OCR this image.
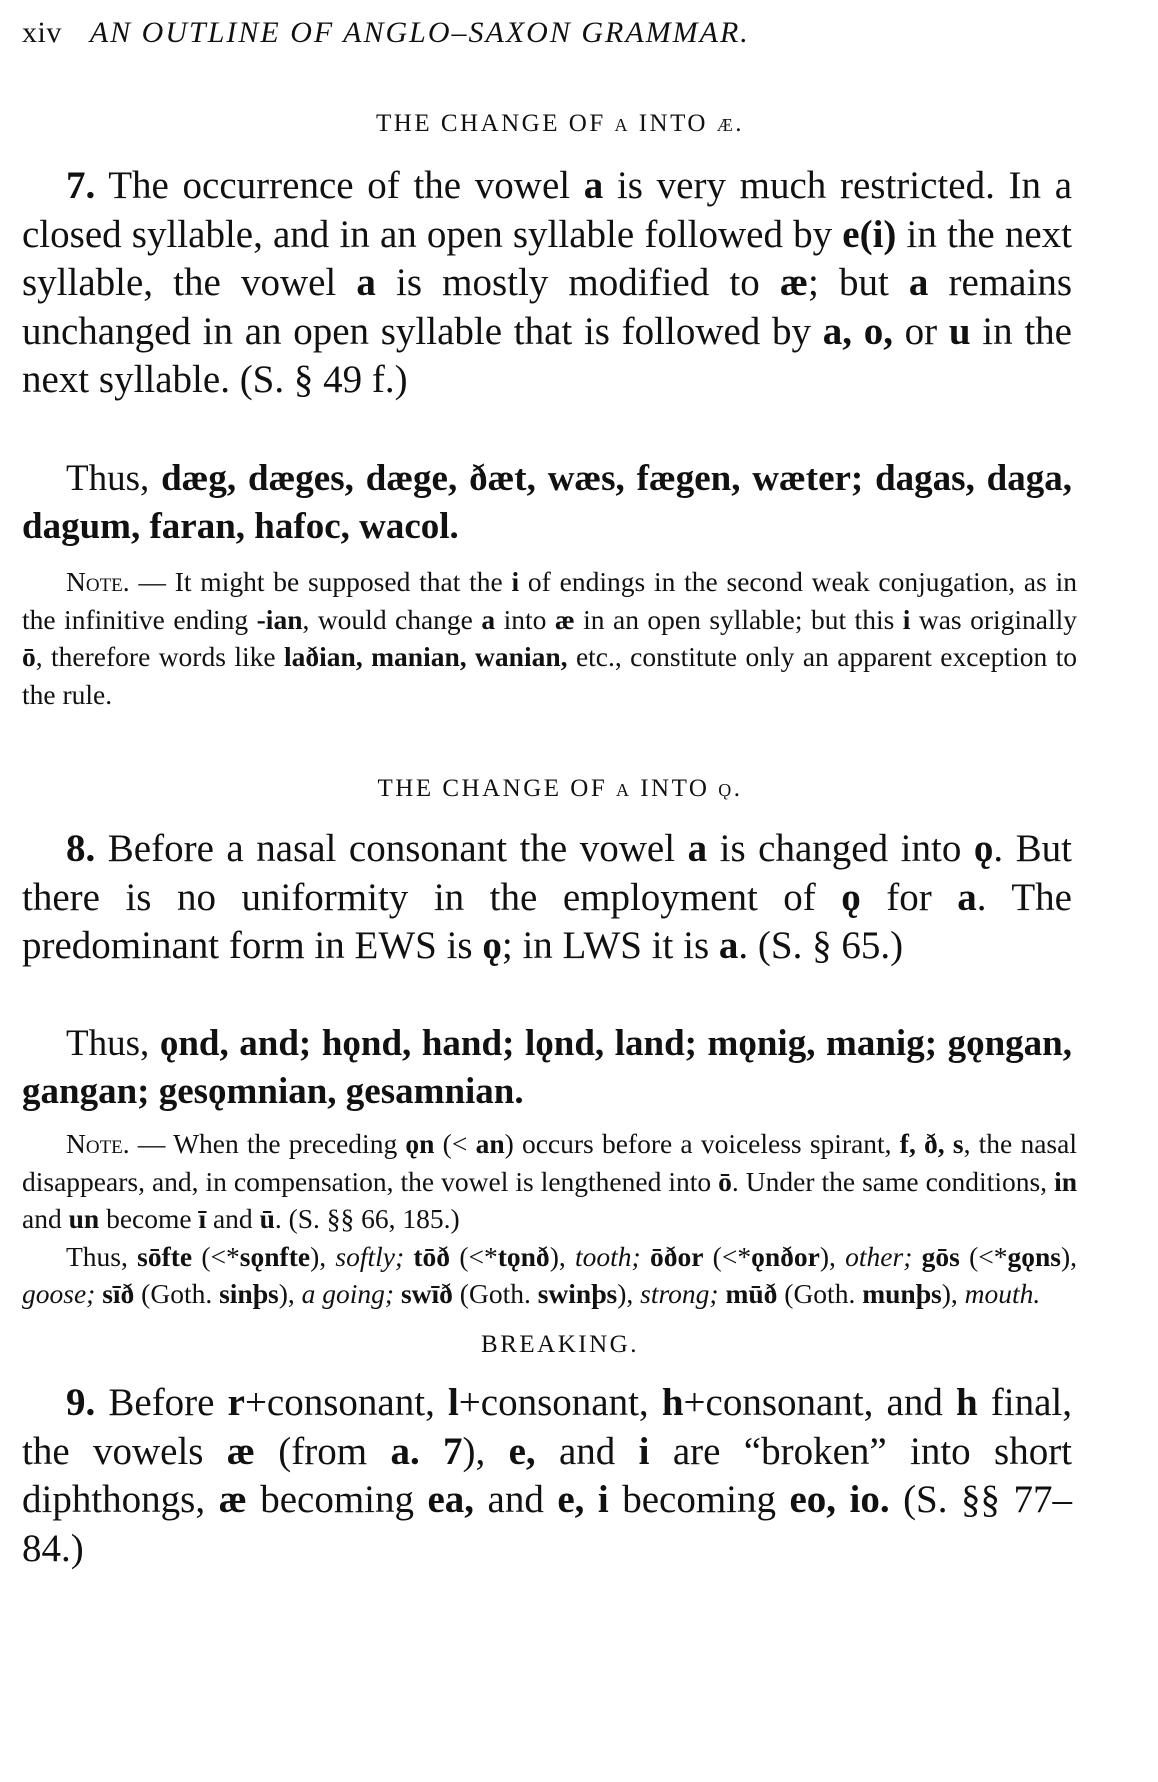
xiv AN OUTLINE OF ANGLO–SAXON GRAMMAR.
THE CHANGE OF a INTO æ.
7. The occurrence of the vowel a is very much restricted. In a closed syllable, and in an open syllable followed by e(i) in the next syllable, the vowel a is mostly modified to æ; but a remains unchanged in an open syllable that is followed by a, o, or u in the next syllable. (S. § 49 f.)
Thus, dæg, dæges, dæge, ðæt, wæs, fægen, wæter; dagas, daga, dagum, faran, hafoc, wacol.
Note. — It might be supposed that the i of endings in the second weak conjugation, as in the infinitive ending -ian, would change a into æ in an open syllable; but this i was originally ō, therefore words like laðian, manian, wanian, etc., constitute only an apparent exception to the rule.
THE CHANGE OF a INTO ǫ.
8. Before a nasal consonant the vowel a is changed into ǫ. But there is no uniformity in the employment of ǫ for a. The predominant form in EWS is ǫ; in LWS it is a. (S. § 65.)
Thus, ǫnd, and; hǫnd, hand; lǫnd, land; mǫnig, manig; gǫngan, gangan; gesǫmnian, gesamnian.
Note. — When the preceding ǫn (< an) occurs before a voiceless spirant, f, ð, s, the nasal disappears, and, in compensation, the vowel is lengthened into ō. Under the same conditions, in and un become ī and ū. (S. §§ 66, 185.)
Thus, sōfte (<*sǫnfte), softly; tōð (<*tǫnð), tooth; ōðor (<*ǫnðor), other; gōs (<*gǫns), goose; sīð (Goth. sinþs), a going; swīð (Goth. swinþs), strong; mūð (Goth. munþs), mouth.
BREAKING.
9. Before r+consonant, l+consonant, h+consonant, and h final, the vowels æ (from a. 7), e, and i are “broken” into short diphthongs, æ becoming ea, and e, i becoming eo, io. (S. §§ 77–84.)
